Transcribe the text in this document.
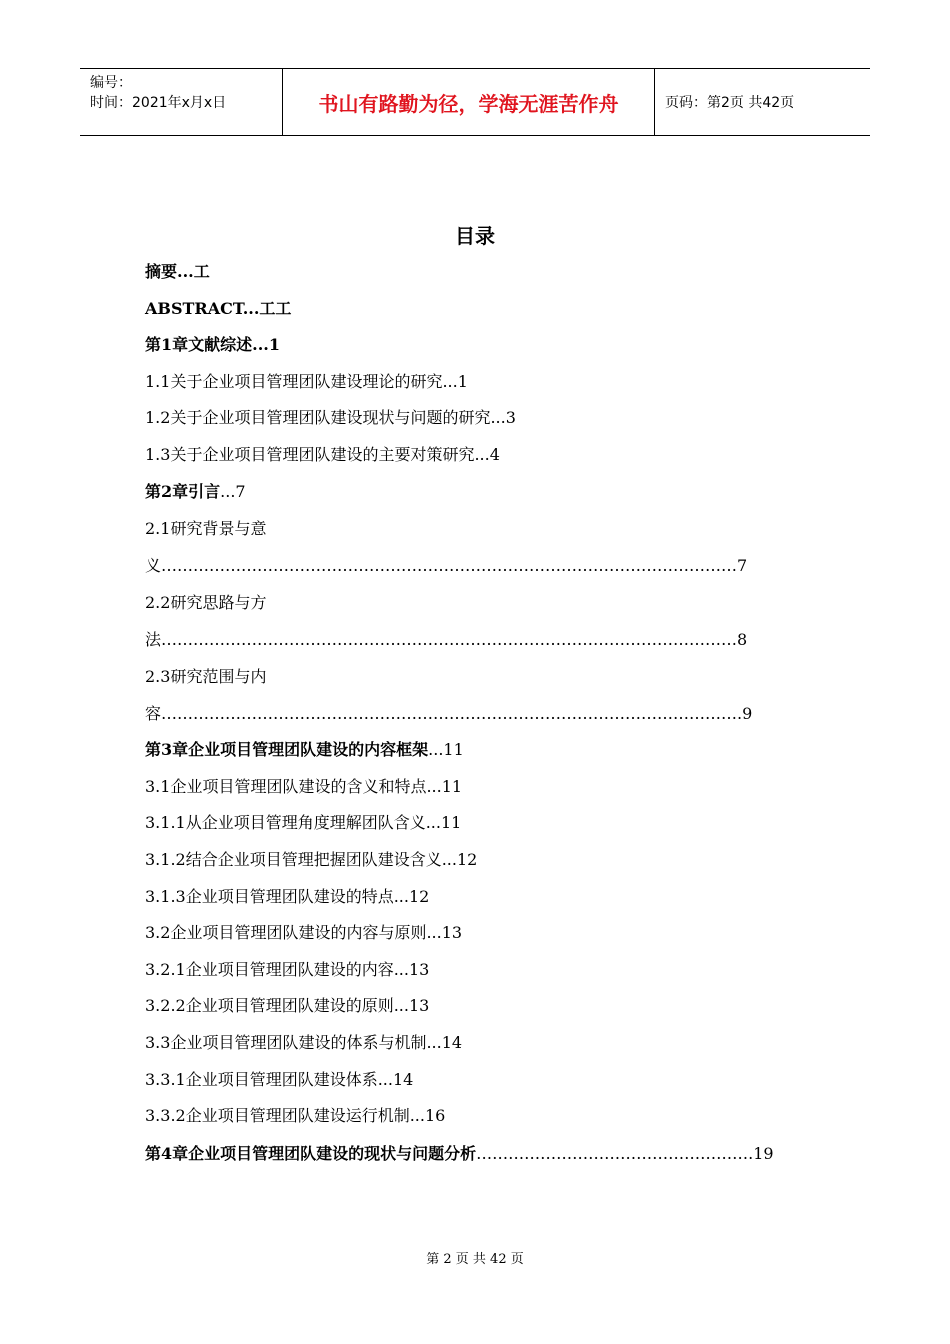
编号：
时间：2021年x月x日	书山有路勤为径，学海无涯苦作舟	页码：第2页 共42页
目录
摘要...工
ABSTRACT...工工
第1章文献综述...1
1.1关于企业项目管理团队建设理论的研究...1
1.2关于企业项目管理团队建设现状与问题的研究...3
1.3关于企业项目管理团队建设的主要对策研究...4
第2章引言...7
2.1研究背景与意义………………………………………………………………………………………………7
2.2研究思路与方法………………………………………………………………………………………………8
2.3研究范围与内容……………………………………………………………………………………………….9
第3章企业项目管理团队建设的内容框架...11
3.1企业项目管理团队建设的含义和特点...11
3.1.1从企业项目管理角度理解团队含义...11
3.1.2结合企业项目管理把握团队建设含义...12
3.1.3企业项目管理团队建设的特点...12
3.2企业项目管理团队建设的内容与原则...13
3.2.1企业项目管理团队建设的内容...13
3.2.2企业项目管理团队建设的原则...13
3.3企业项目管理团队建设的体系与机制...14
3.3.1企业项目管理团队建设体系...14
3.3.2企业项目管理团队建设运行机制...16
第4章企业项目管理团队建设的现状与问题分析…………………………………………….19
第 2 页 共 42 页
